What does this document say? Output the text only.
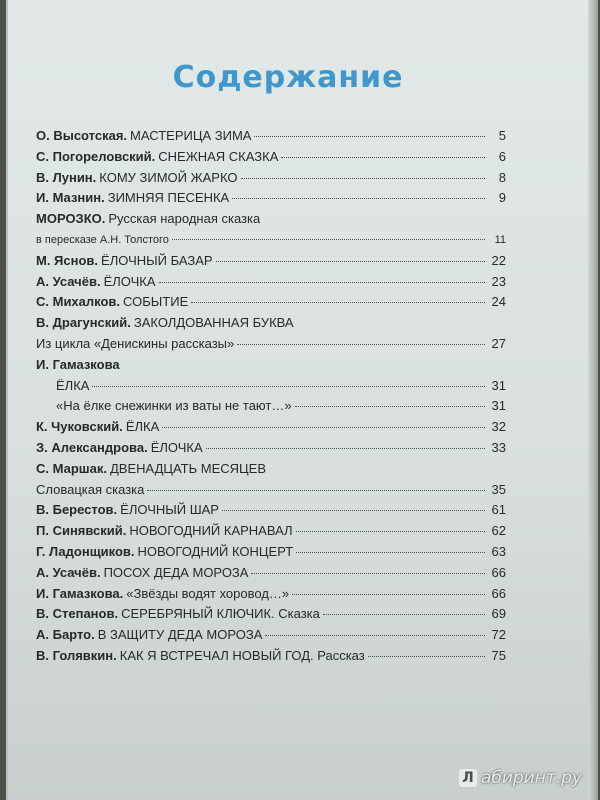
Содержание
О. Высотская. МАСТЕРИЦА ЗИМА	5
С. Погореловский. СНЕЖНАЯ СКАЗКА	6
В. Лунин. КОМУ ЗИМОЙ ЖАРКО	8
И. Мазнин. ЗИМНЯЯ ПЕСЕНКА	9
МОРОЗКО. Русская народная сказка
в пересказе А.Н. Толстого	11
М. Яснов. ЁЛОЧНЫЙ БАЗАР	22
А. Усачёв. ЁЛОЧКА	23
С. Михалков. СОБЫТИЕ	24
В. Драгунский. ЗАКОЛДОВАННАЯ БУКВА
Из цикла «Денискины рассказы»	27
И. Гамазкова
ЁЛКА	31
«На ёлке снежинки из ваты не тают…»	31
К. Чуковский. ЁЛКА	32
З. Александрова. ЁЛОЧКА	33
С. Маршак. ДВЕНАДЦАТЬ МЕСЯЦЕВ
Словацкая сказка	35
В. Берестов. ЁЛОЧНЫЙ ШАР	61
П. Синявский. НОВОГОДНИЙ КАРНАВАЛ	62
Г. Ладонщиков. НОВОГОДНИЙ КОНЦЕРТ	63
А. Усачёв. ПОСОХ ДЕДА МОРОЗА	66
И. Гамазкова. «Звёзды водят хоровод…»	66
В. Степанов. СЕРЕБРЯНЫЙ КЛЮЧИК. Сказка	69
А. Барто. В ЗАЩИТУ ДЕДА МОРОЗА	72
В. Голявкин. КАК Я ВСТРЕЧАЛ НОВЫЙ ГОД. Рассказ	75
Л абиринт.ру
